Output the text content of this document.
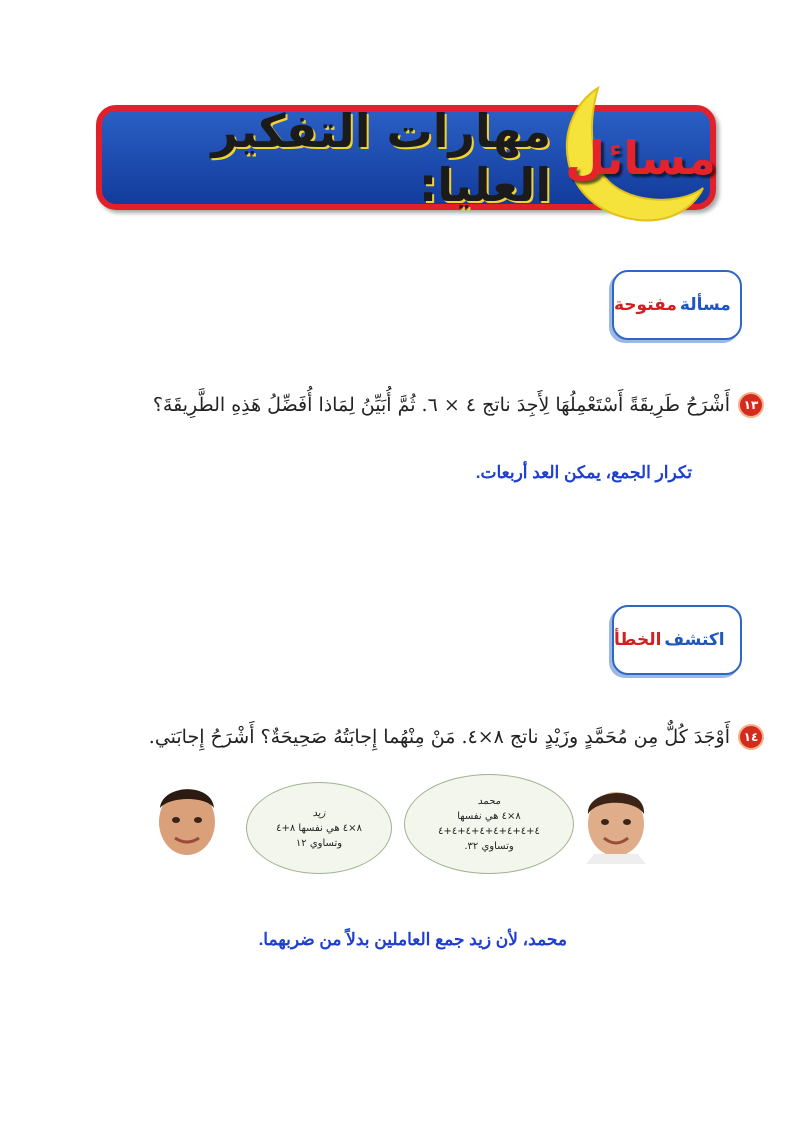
مسائل
مهارات التفكير العليا:
مسألة
مفتوحة
١٣
أَشْرَحُ طَرِيقَةً أَسْتَعْمِلُهَا لِأَجِدَ ناتج ٤ × ٦. ثُمَّ أُبَيِّنُ لِمَاذا أُفَضِّلُ هَذِهِ الطَّرِيقَةَ؟
تكرار الجمع، يمكن العد أربعات.
اكتشف
الخطأ
١٤
أَوْجَدَ كُلٌّ مِن مُحَمَّدٍ وزَيْدٍ ناتج ٨×٤. مَنْ مِنْهُما إِجابَتُهُ صَحِيحَةٌ؟ أَشْرَحُ إِجابَتي.
زيد
٨×٤ هي نفسها ٨+٤
وتساوي ١٢
محمد
٨×٤ هي نفسها
٤+٤+٤+٤+٤+٤+٤+٤
وتساوي ٣٢.
محمد، لأن زيد جمع العاملين بدلاً من ضربهما.
